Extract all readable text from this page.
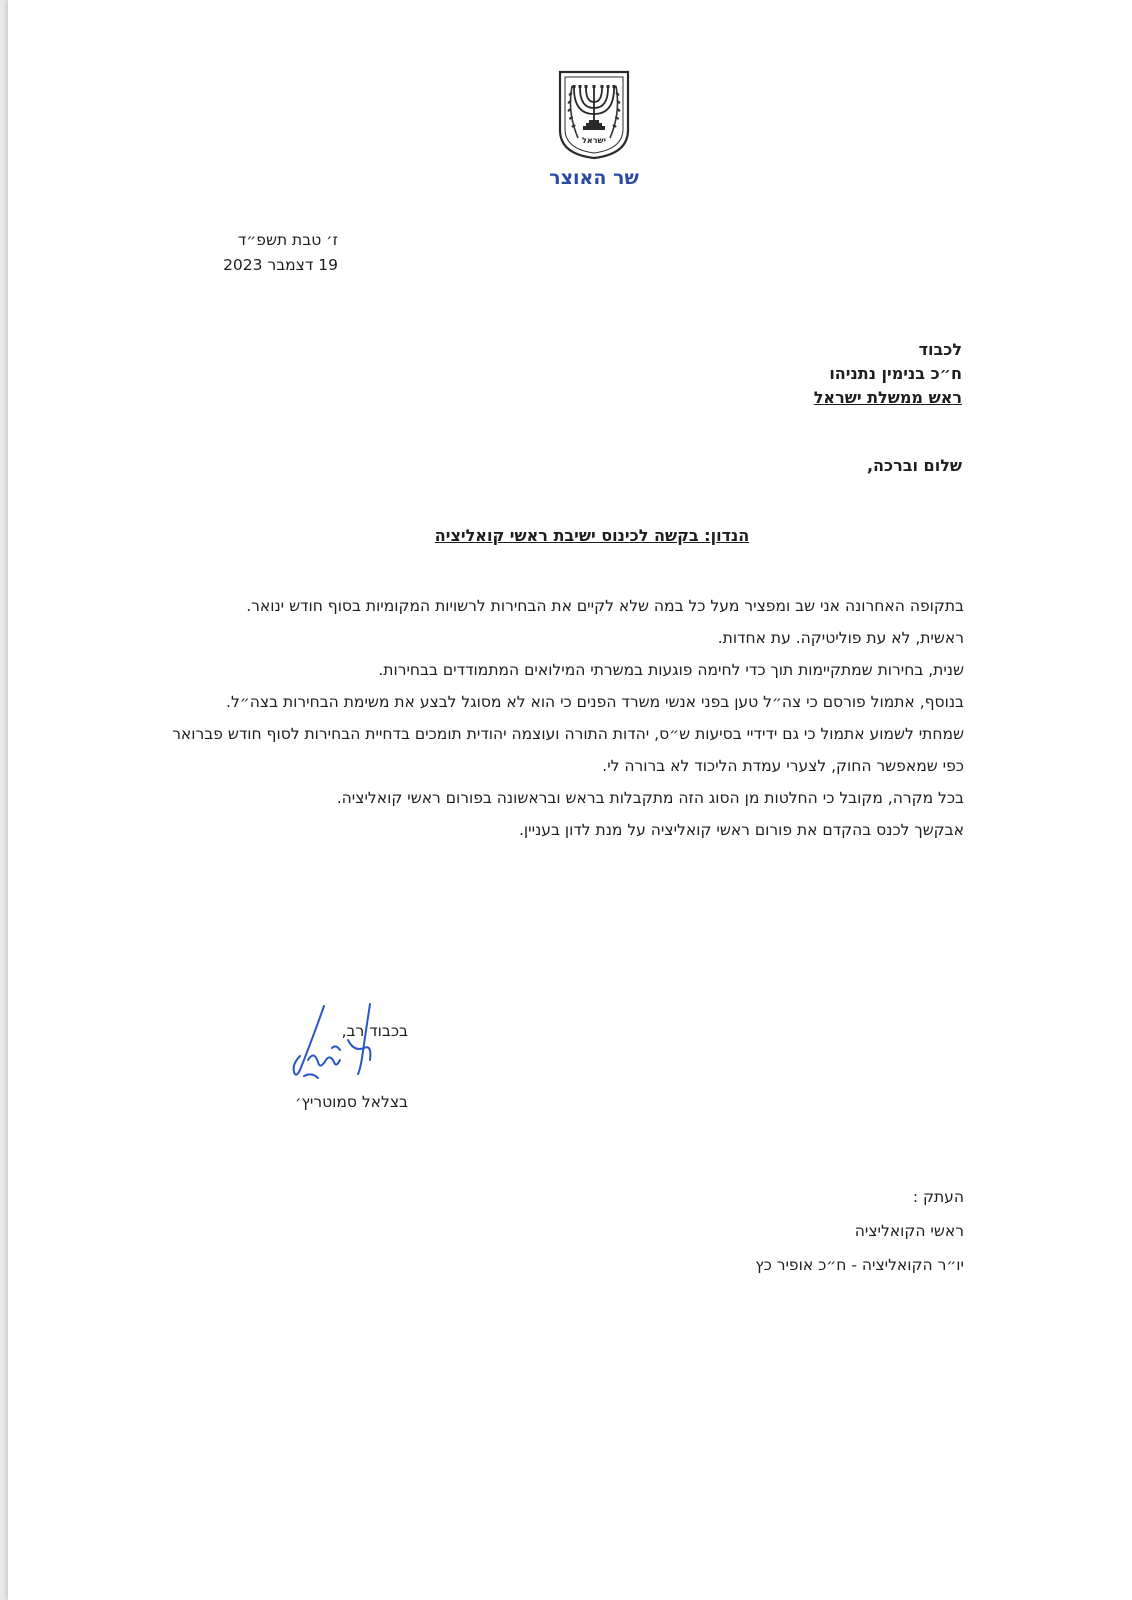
ישראל
שר האוצר
ז׳ טבת תשפ״ד
19 דצמבר 2023
לכבוד
ח״כ בנימין נתניהו
ראש ממשלת ישראל
שלום וברכה,
הנדון: בקשה לכינוס ישיבת ראשי קואליציה
בתקופה האחרונה אני שב ומפציר מעל כל במה שלא לקיים את הבחירות לרשויות המקומיות בסוף חודש ינואר.
ראשית, לא עת פוליטיקה. עת אחדות.
שנית, בחירות שמתקיימות תוך כדי לחימה פוגעות במשרתי המילואים המתמודדים בבחירות.
בנוסף, אתמול פורסם כי צה״ל טען בפני אנשי משרד הפנים כי הוא לא מסוגל לבצע את משימת הבחירות בצה״ל.
שמחתי לשמוע אתמול כי גם ידידיי בסיעות ש״ס, יהדות התורה ועוצמה יהודית תומכים בדחיית הבחירות לסוף חודש פברואר כפי שמאפשר החוק, לצערי עמדת הליכוד לא ברורה לי.
בכל מקרה, מקובל כי החלטות מן הסוג הזה מתקבלות בראש ובראשונה בפורום ראשי קואליציה.
אבקשך לכנס בהקדם את פורום ראשי קואליציה על מנת לדון בעניין.
בכבוד רב,
בצלאל סמוטריץ׳
העתק :
ראשי הקואליציה
יו״ר הקואליציה - ח״כ אופיר כץ
